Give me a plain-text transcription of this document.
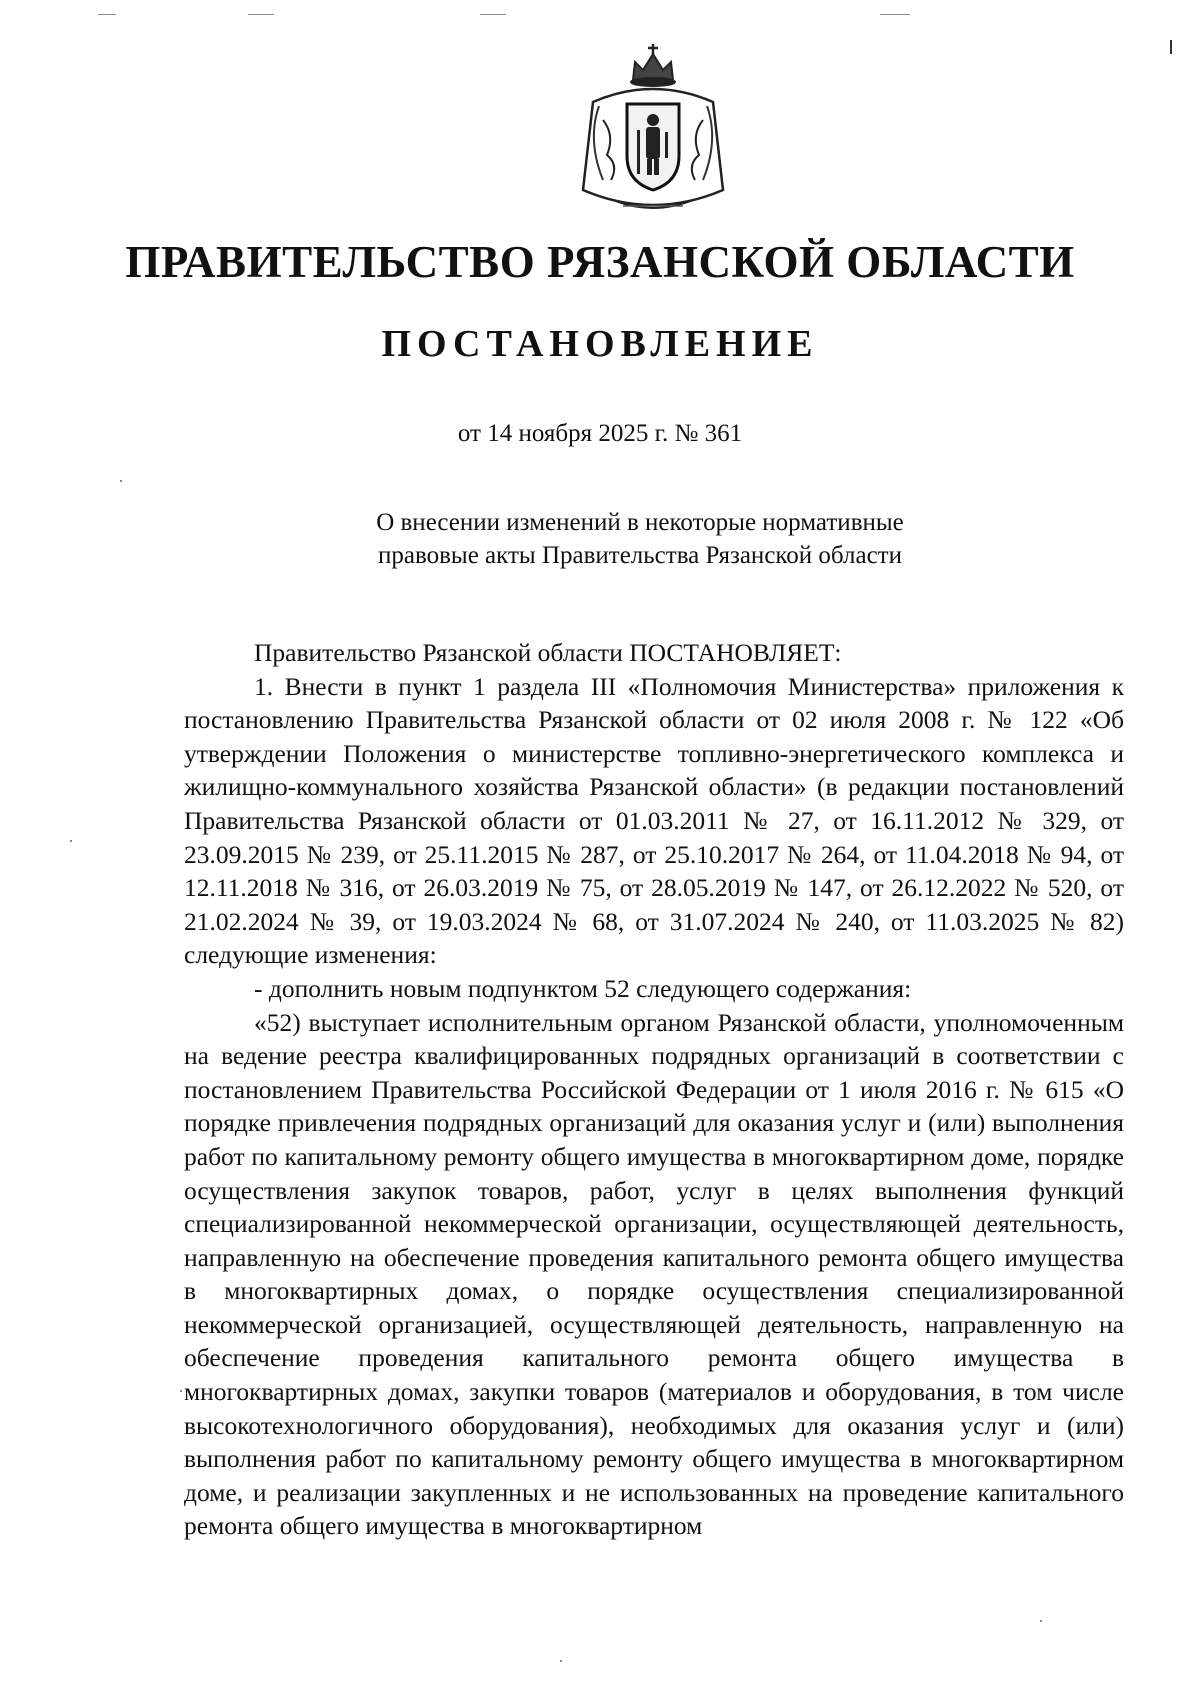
ПРАВИТЕЛЬСТВО РЯЗАНСКОЙ ОБЛАСТИ
ПОСТАНОВЛЕНИЕ
от 14 ноября 2025 г. № 361
О внесении изменений в некоторые нормативные
правовые акты Правительства Рязанской области

Правительство Рязанской области ПОСТАНОВЛЯЕТ:

1. Внести в пункт 1 раздела III «Полномочия Министерства» приложения к постановлению Правительства Рязанской области от 02 июля 2008 г. № 122 «Об утверждении Положения о министерстве топливно-энергетического комплекса и жилищно-коммунального хозяйства Рязанской области» (в редакции постановлений Правительства Рязанской области от 01.03.2011 № 27, от 16.11.2012 № 329, от 23.09.2015 № 239, от 25.11.2015 № 287, от 25.10.2017 № 264, от 11.04.2018 № 94, от 12.11.2018 № 316, от 26.03.2019 № 75, от 28.05.2019 № 147, от 26.12.2022 № 520, от 21.02.2024 № 39, от 19.03.2024 № 68, от 31.07.2024 № 240, от 11.03.2025 № 82) следующие изменения:

- дополнить новым подпунктом 52 следующего содержания:

«52) выступает исполнительным органом Рязанской области, уполномоченным на ведение реестра квалифицированных подрядных организаций в соответствии с постановлением Правительства Российской Федерации от 1 июля 2016 г. № 615 «О порядке привлечения подрядных организаций для оказания услуг и (или) выполнения работ по капитальному ремонту общего имущества в многоквартирном доме, порядке осуществления закупок товаров, работ, услуг в целях выполнения функций специализированной некоммерческой организации, осуществляющей деятельность, направленную на обеспечение проведения капитального ремонта общего имущества в многоквартирных домах, о порядке осуществления специализированной некоммерческой организацией, осуществляющей деятельность, направленную на обеспечение проведения капитального ремонта общего имущества в многоквартирных домах, закупки товаров (материалов и оборудования, в том числе высокотехнологичного оборудования), необходимых для оказания услуг и (или) выполнения работ по капитальному ремонту общего имущества в многоквартирном доме, и реализации закупленных и не использованных на проведение капитального ремонта общего имущества в многоквартирном
